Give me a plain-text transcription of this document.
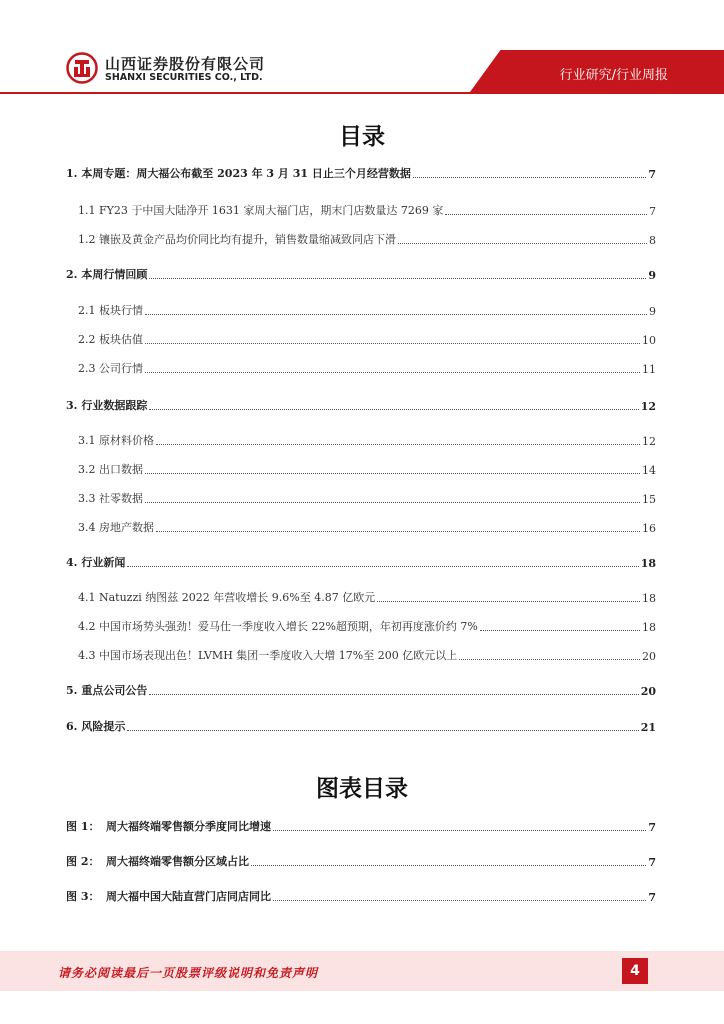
山西证券股份有限公司
SHANXI SECURITIES CO., LTD.	行业研究/行业周报
目录
1. 本周专题：周大福公布截至 2023 年 3 月 31 日止三个月经营数据	7
1.1 FY23 于中国大陆净开 1631 家周大福门店，期末门店数量达 7269 家	7
1.2 镶嵌及黄金产品均价同比均有提升，销售数量缩减致同店下滑	8
2. 本周行情回顾	9
2.1 板块行情	9
2.2 板块估值	10
2.3 公司行情	11
3. 行业数据跟踪	12
3.1 原材料价格	12
3.2 出口数据	14
3.3 社零数据	15
3.4 房地产数据	16
4. 行业新闻	18
4.1 Natuzzi 纳图兹 2022 年营收增长 9.6%至 4.87 亿欧元	18
4.2 中国市场势头强劲！爱马仕一季度收入增长 22%超预期，年初再度涨价约 7%	18
4.3 中国市场表现出色！LVMH 集团一季度收入大增 17%至 200 亿欧元以上	20
5. 重点公司公告	20
6. 风险提示	21
图表目录
图 1： 周大福终端零售额分季度同比增速	7
图 2： 周大福终端零售额分区域占比	7
图 3： 周大福中国大陆直营门店同店同比	7
请务必阅读最后一页股票评级说明和免责声明	4
